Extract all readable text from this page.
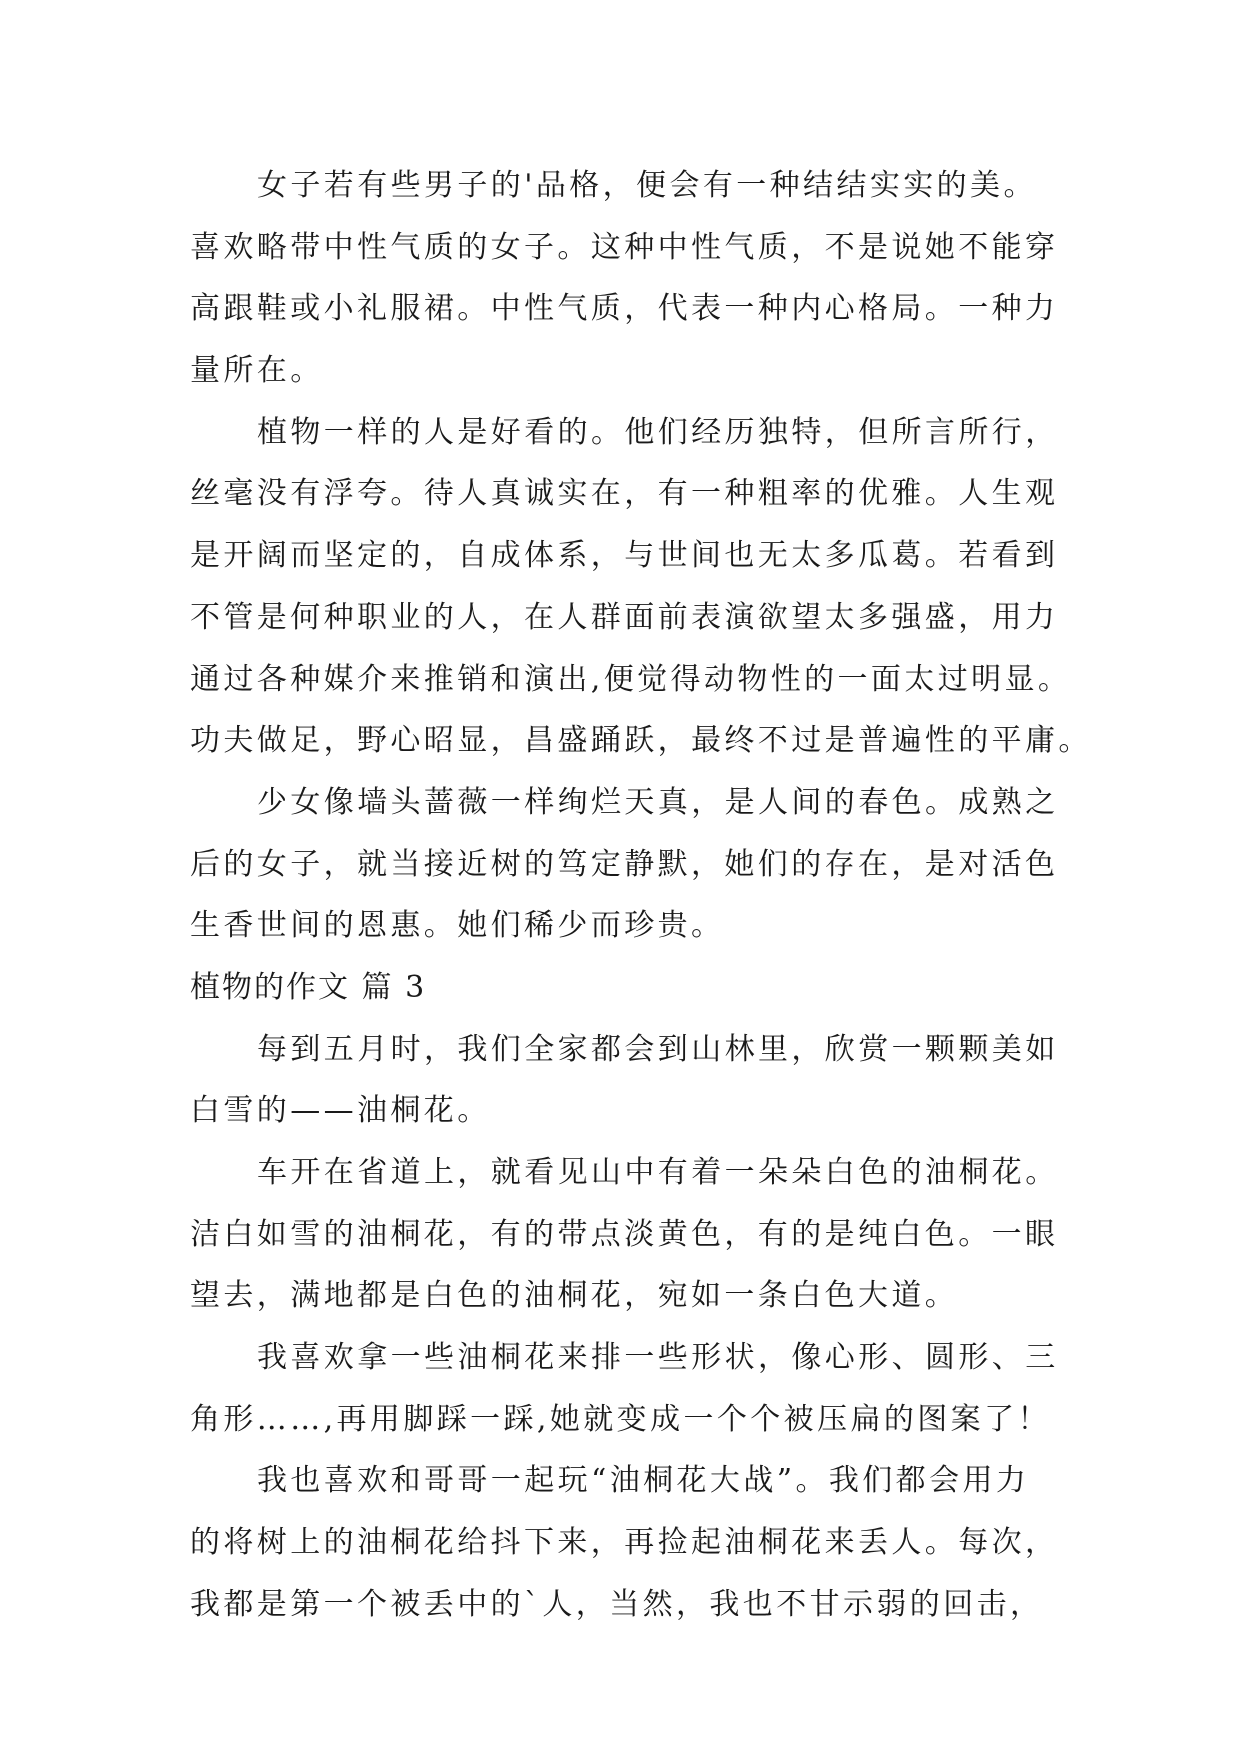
女子若有些男子的'品格，便会有一种结结实实的美。
喜欢略带中性气质的女子。这种中性气质，不是说她不能穿
高跟鞋或小礼服裙。中性气质，代表一种内心格局。一种力
量所在。
植物一样的人是好看的。他们经历独特，但所言所行，
丝毫没有浮夸。待人真诚实在，有一种粗率的优雅。人生观
是开阔而坚定的，自成体系，与世间也无太多瓜葛。若看到
不管是何种职业的人，在人群面前表演欲望太多强盛，用力
通过各种媒介来推销和演出,便觉得动物性的一面太过明显。
功夫做足，野心昭显，昌盛踊跃，最终不过是普遍性的平庸。
少女像墙头蔷薇一样绚烂天真，是人间的春色。成熟之
后的女子，就当接近树的笃定静默，她们的存在，是对活色
生香世间的恩惠。她们稀少而珍贵。
植物的作文 篇 3
每到五月时，我们全家都会到山林里，欣赏一颗颗美如
白雪的——油桐花。
车开在省道上，就看见山中有着一朵朵白色的油桐花。
洁白如雪的油桐花，有的带点淡黄色，有的是纯白色。一眼
望去，满地都是白色的油桐花，宛如一条白色大道。
我喜欢拿一些油桐花来排一些形状，像心形、圆形、三
角形……,再用脚踩一踩,她就变成一个个被压扁的图案了！
我也喜欢和哥哥一起玩“油桐花大战”。我们都会用力
的将树上的油桐花给抖下来，再捡起油桐花来丢人。每次，
我都是第一个被丢中的`人，当然，我也不甘示弱的回击，
